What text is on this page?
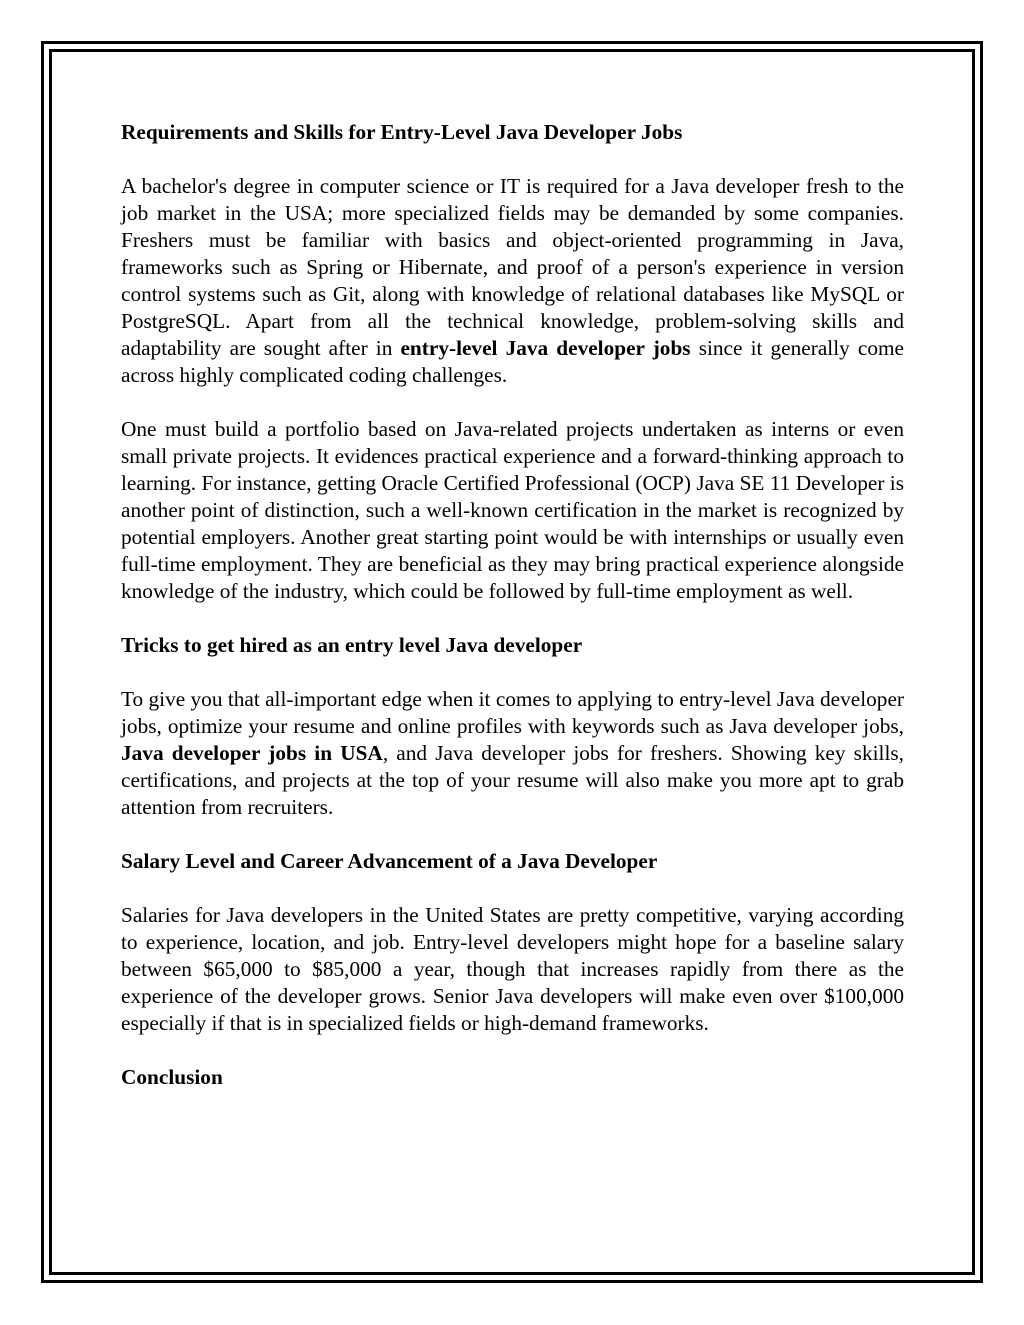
Requirements and Skills for Entry-Level Java Developer Jobs

A bachelor's degree in computer science or IT is required for a Java developer fresh to the job market in the USA; more specialized fields may be demanded by some companies. Freshers must be familiar with basics and object-oriented programming in Java, frameworks such as Spring or Hibernate, and proof of a person's experience in version control systems such as Git, along with knowledge of relational databases like MySQL or PostgreSQL. Apart from all the technical knowledge, problem-solving skills and adaptability are sought after in entry-level Java developer jobs since it generally come across highly complicated coding challenges.

One must build a portfolio based on Java-related projects undertaken as interns or even small private projects. It evidences practical experience and a forward-thinking approach to learning. For instance, getting Oracle Certified Professional (OCP) Java SE 11 Developer is another point of distinction, such a well-known certification in the market is recognized by potential employers. Another great starting point would be with internships or usually even full-time employment. They are beneficial as they may bring practical experience alongside knowledge of the industry, which could be followed by full-time employment as well.

Tricks to get hired as an entry level Java developer

To give you that all-important edge when it comes to applying to entry-level Java developer jobs, optimize your resume and online profiles with keywords such as Java developer jobs, Java developer jobs in USA, and Java developer jobs for freshers. Showing key skills, certifications, and projects at the top of your resume will also make you more apt to grab attention from recruiters.

Salary Level and Career Advancement of a Java Developer

Salaries for Java developers in the United States are pretty competitive, varying according to experience, location, and job. Entry-level developers might hope for a baseline salary between $65,000 to $85,000 a year, though that increases rapidly from there as the experience of the developer grows. Senior Java developers will make even over $100,000 especially if that is in specialized fields or high-demand frameworks.

Conclusion
